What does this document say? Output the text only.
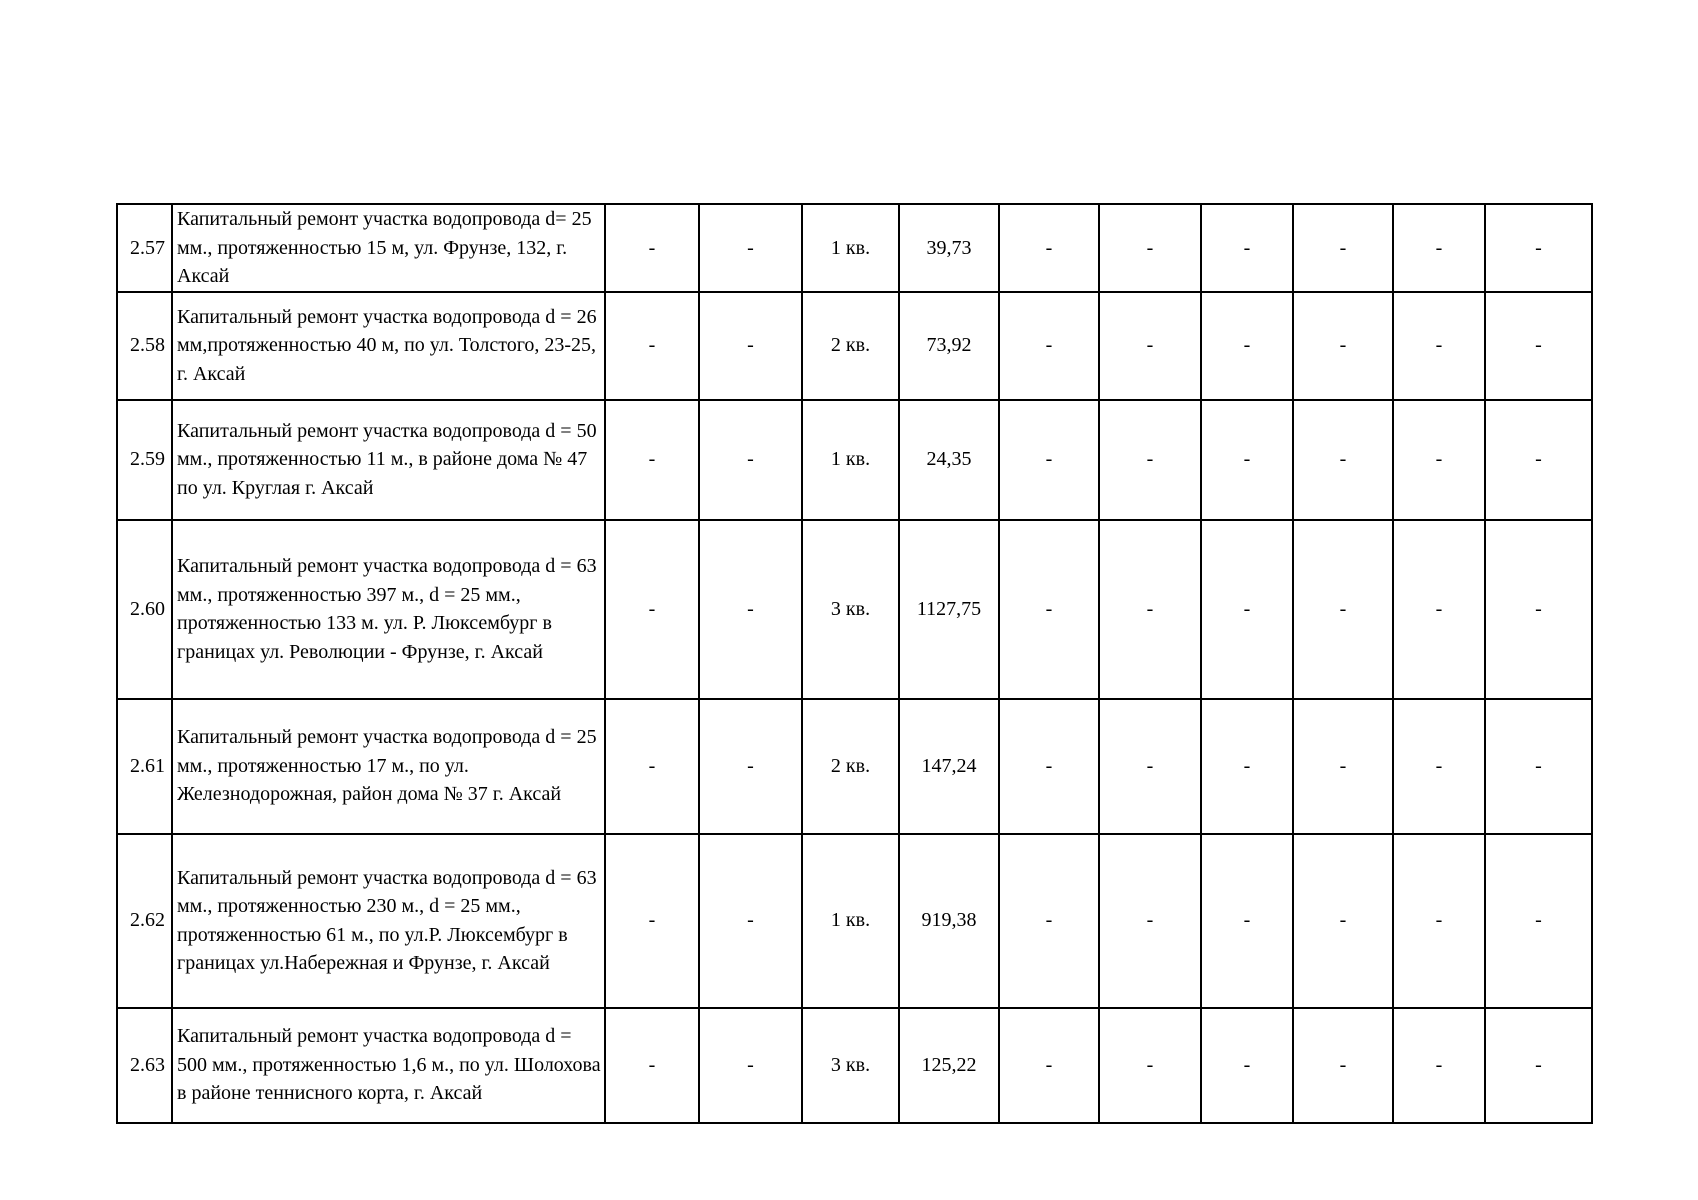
2.57	Капитальный ремонт участка водопровода d= 25 мм., протяженностью 15 м, ул. Фрунзе, 132, г. Аксай	-	-	1 кв.	39,73	-	-	-	-	-	-
2.58	Капитальный ремонт участка водопровода d = 26 мм,протяженностью 40 м, по ул. Толстого, 23-25, г. Аксай	-	-	2 кв.	73,92	-	-	-	-	-	-
2.59	Капитальный ремонт участка водопровода d = 50 мм., протяженностью 11 м., в районе дома № 47 по ул. Круглая г. Аксай	-	-	1 кв.	24,35	-	-	-	-	-	-
2.60	Капитальный ремонт участка водопровода d = 63 мм., протяженностью 397 м., d = 25 мм., протяженностью 133 м. ул. Р. Люксембург в границах ул. Революции - Фрунзе, г. Аксай	-	-	3 кв.	1127,75	-	-	-	-	-	-
2.61	Капитальный ремонт участка водопровода d = 25 мм., протяженностью 17 м., по ул. Железнодорожная, район дома № 37 г. Аксай	-	-	2 кв.	147,24	-	-	-	-	-	-
2.62	Капитальный ремонт участка водопровода d = 63 мм., протяженностью 230 м., d = 25 мм., протяженностью 61 м., по ул.Р. Люксембург в границах ул.Набережная и Фрунзе, г. Аксай	-	-	1 кв.	919,38	-	-	-	-	-	-
2.63	Капитальный ремонт участка водопровода d = 500 мм., протяженностью 1,6 м., по ул. Шолохова в районе теннисного корта, г. Аксай	-	-	3 кв.	125,22	-	-	-	-	-	-
